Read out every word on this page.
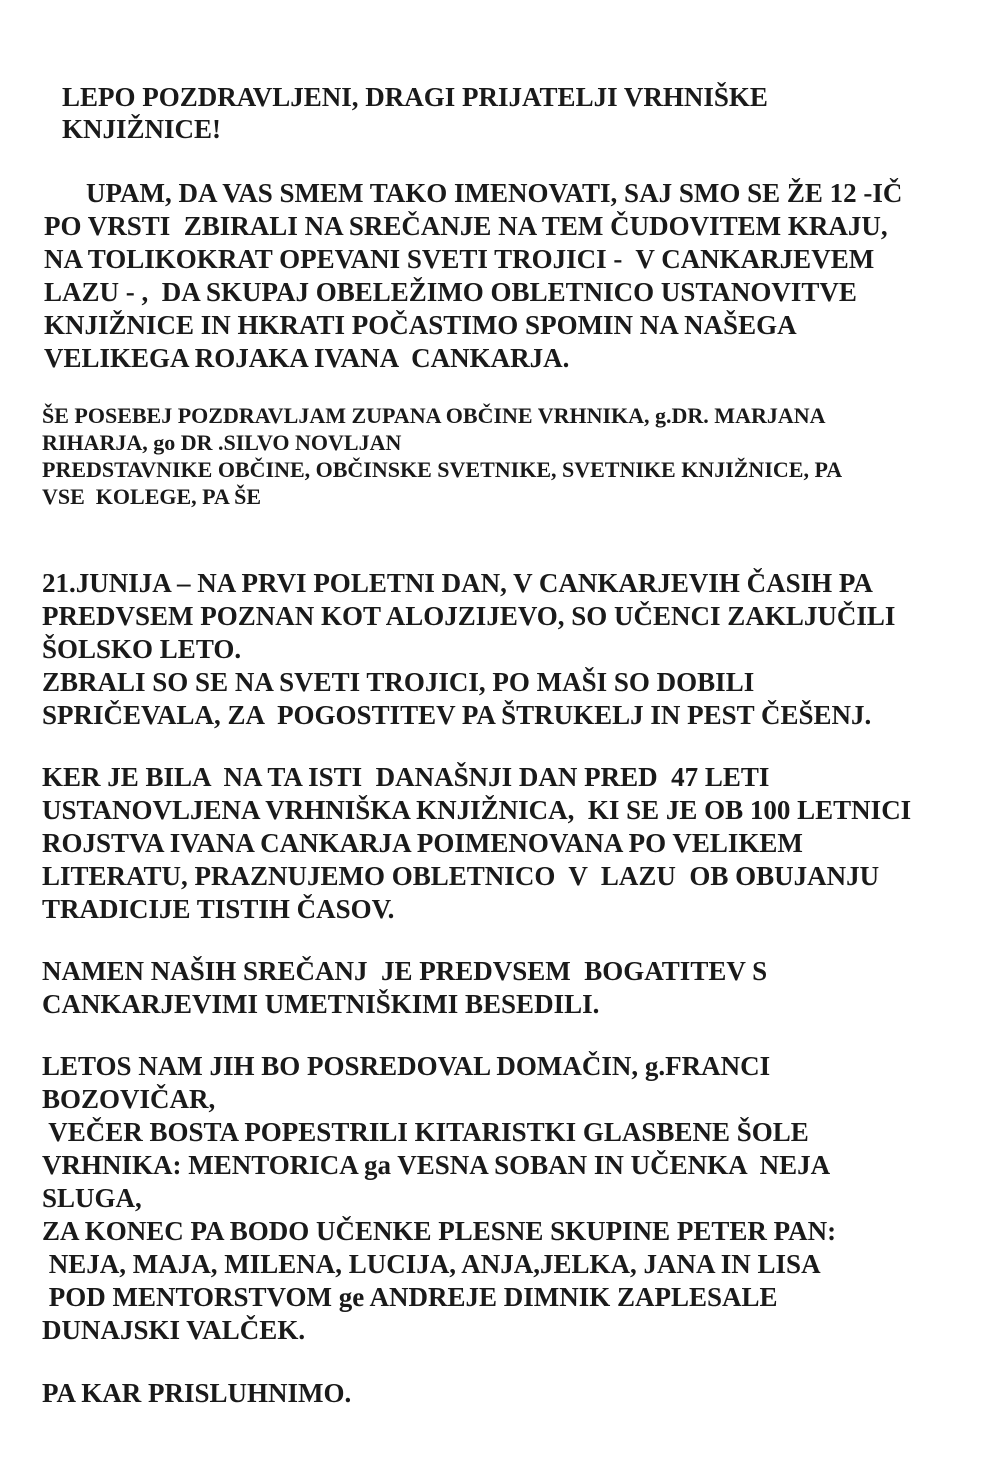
LEPO POZDRAVLJENI, DRAGI PRIJATELJI VRHNIŠKE
KNJIŽNICE!
UPAM, DA VAS SMEM TAKO IMENOVATI, SAJ SMO SE ŽE 12 -IČ
PO VRSTI  ZBIRALI NA SREČANJE NA TEM ČUDOVITEM KRAJU,
NA TOLIKOKRAT OPEVANI SVETI TROJICI -  V CANKARJEVEM
LAZU - ,  DA SKUPAJ OBELEŽIMO OBLETNICO USTANOVITVE
KNJIŽNICE IN HKRATI POČASTIMO SPOMIN NA NAŠEGA
VELIKEGA ROJAKA IVANA  CANKARJA.
ŠE POSEBEJ POZDRAVLJAM ZUPANA OBČINE VRHNIKA, g.DR. MARJANA
RIHARJA, go DR .SILVO NOVLJAN
PREDSTAVNIKE OBČINE, OBČINSKE SVETNIKE, SVETNIKE KNJIŽNICE, PA
VSE  KOLEGE, PA ŠE
21.JUNIJA – NA PRVI POLETNI DAN, V CANKARJEVIH ČASIH PA
PREDVSEM POZNAN KOT ALOJZIJEVO, SO UČENCI ZAKLJUČILI
ŠOLSKO LETO.
ZBRALI SO SE NA SVETI TROJICI, PO MAŠI SO DOBILI
SPRIČEVALA, ZA  POGOSTITEV PA ŠTRUKELJ IN PEST ČEŠENJ.
KER JE BILA  NA TA ISTI  DANAŠNJI DAN PRED  47 LETI
USTANOVLJENA VRHNIŠKA KNJIŽNICA,  KI SE JE OB 100 LETNICI
ROJSTVA IVANA CANKARJA POIMENOVANA PO VELIKEM
LITERATU, PRAZNUJEMO OBLETNICO  V  LAZU  OB OBUJANJU
TRADICIJE TISTIH ČASOV.
NAMEN NAŠIH SREČANJ  JE PREDVSEM  BOGATITEV S
CANKARJEVIMI UMETNIŠKIMI BESEDILI.
LETOS NAM JIH BO POSREDOVAL DOMAČIN, g.FRANCI
BOZOVIČAR,
VEČER BOSTA POPESTRILI KITARISTKI GLASBENE ŠOLE
VRHNIKA: MENTORICA ga VESNA SOBAN IN UČENKA  NEJA
SLUGA,
ZA KONEC PA BODO UČENKE PLESNE SKUPINE PETER PAN:
NEJA, MAJA, MILENA, LUCIJA, ANJA,JELKA, JANA IN LISA
POD MENTORSTVOM ge ANDREJE DIMNIK ZAPLESALE
DUNAJSKI VALČEK.
PA KAR PRISLUHNIMO.
